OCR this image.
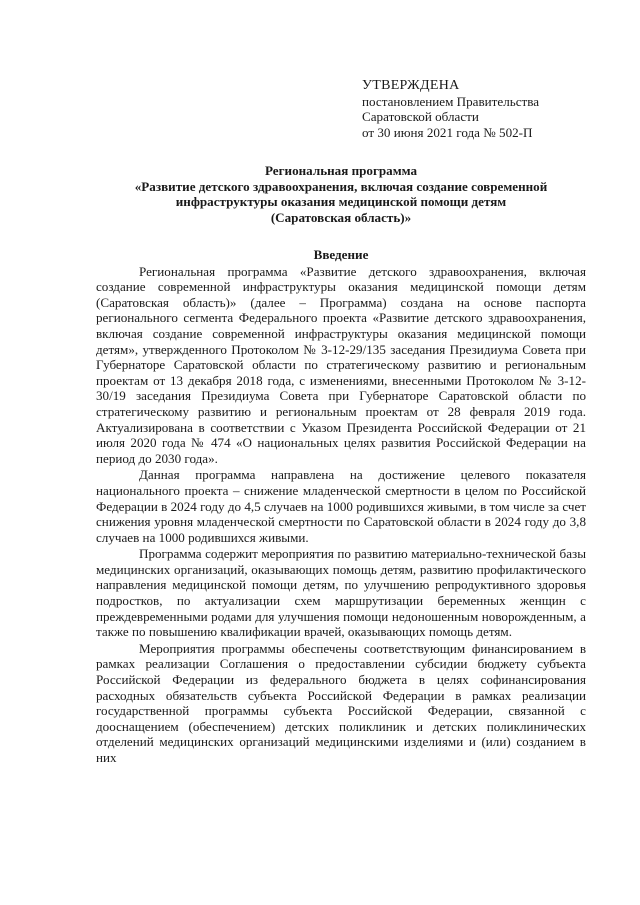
УТВЕРЖДЕНА
постановлением Правительства
Саратовской области
от 30 июня 2021 года № 502-П
Региональная программа
«Развитие детского здравоохранения, включая создание современной
инфраструктуры оказания медицинской помощи детям
(Саратовская область)»
Введение

Региональная программа «Развитие детского здравоохранения, включая создание современной инфраструктуры оказания медицинской помощи детям (Саратовская область)» (далее – Программа) создана на основе паспорта регионального сегмента Федерального проекта «Развитие детского здравоохранения, включая создание современной инфраструктуры оказания медицинской помощи детям», утвержденного Протоколом № 3-12-29/135 заседания Президиума Совета при Губернаторе Саратовской области по стратегическому развитию и региональным проектам от 13 декабря 2018 года, с изменениями, внесенными Протоколом № 3-12-30/19 заседания Президиума Совета при Губернаторе Саратовской области по стратегическому развитию и региональным проектам от 28 февраля 2019 года. Актуализирована в соответствии с Указом Президента Российской Федерации от 21 июля 2020 года № 474 «О национальных целях развития Российской Федерации на период до 2030 года».

Данная программа направлена на достижение целевого показателя национального проекта – снижение младенческой смертности в целом по Российской Федерации в 2024 году до 4,5 случаев на 1000 родившихся живыми, в том числе за счет снижения уровня младенческой смертности по Саратовской области в 2024 году до 3,8 случаев на 1000 родившихся живыми.

Программа содержит мероприятия по развитию материально-технической базы медицинских организаций, оказывающих помощь детям, развитию профилактического направления медицинской помощи детям, по улучшению репродуктивного здоровья подростков, по актуализации схем маршрутизации беременных женщин с преждевременными родами для улучшения помощи недоношенным новорожденным, а также по повышению квалификации врачей, оказывающих помощь детям.

Мероприятия программы обеспечены соответствующим финансированием в рамках реализации Соглашения о предоставлении субсидии бюджету субъекта Российской Федерации из федерального бюджета в целях софинансирования расходных обязательств субъекта Российской Федерации в рамках реализации государственной программы субъекта Российской Федерации, связанной с дооснащением (обеспечением) детских поликлиник и детских поликлинических отделений медицинских организаций медицинскими изделиями и (или) созданием в них
